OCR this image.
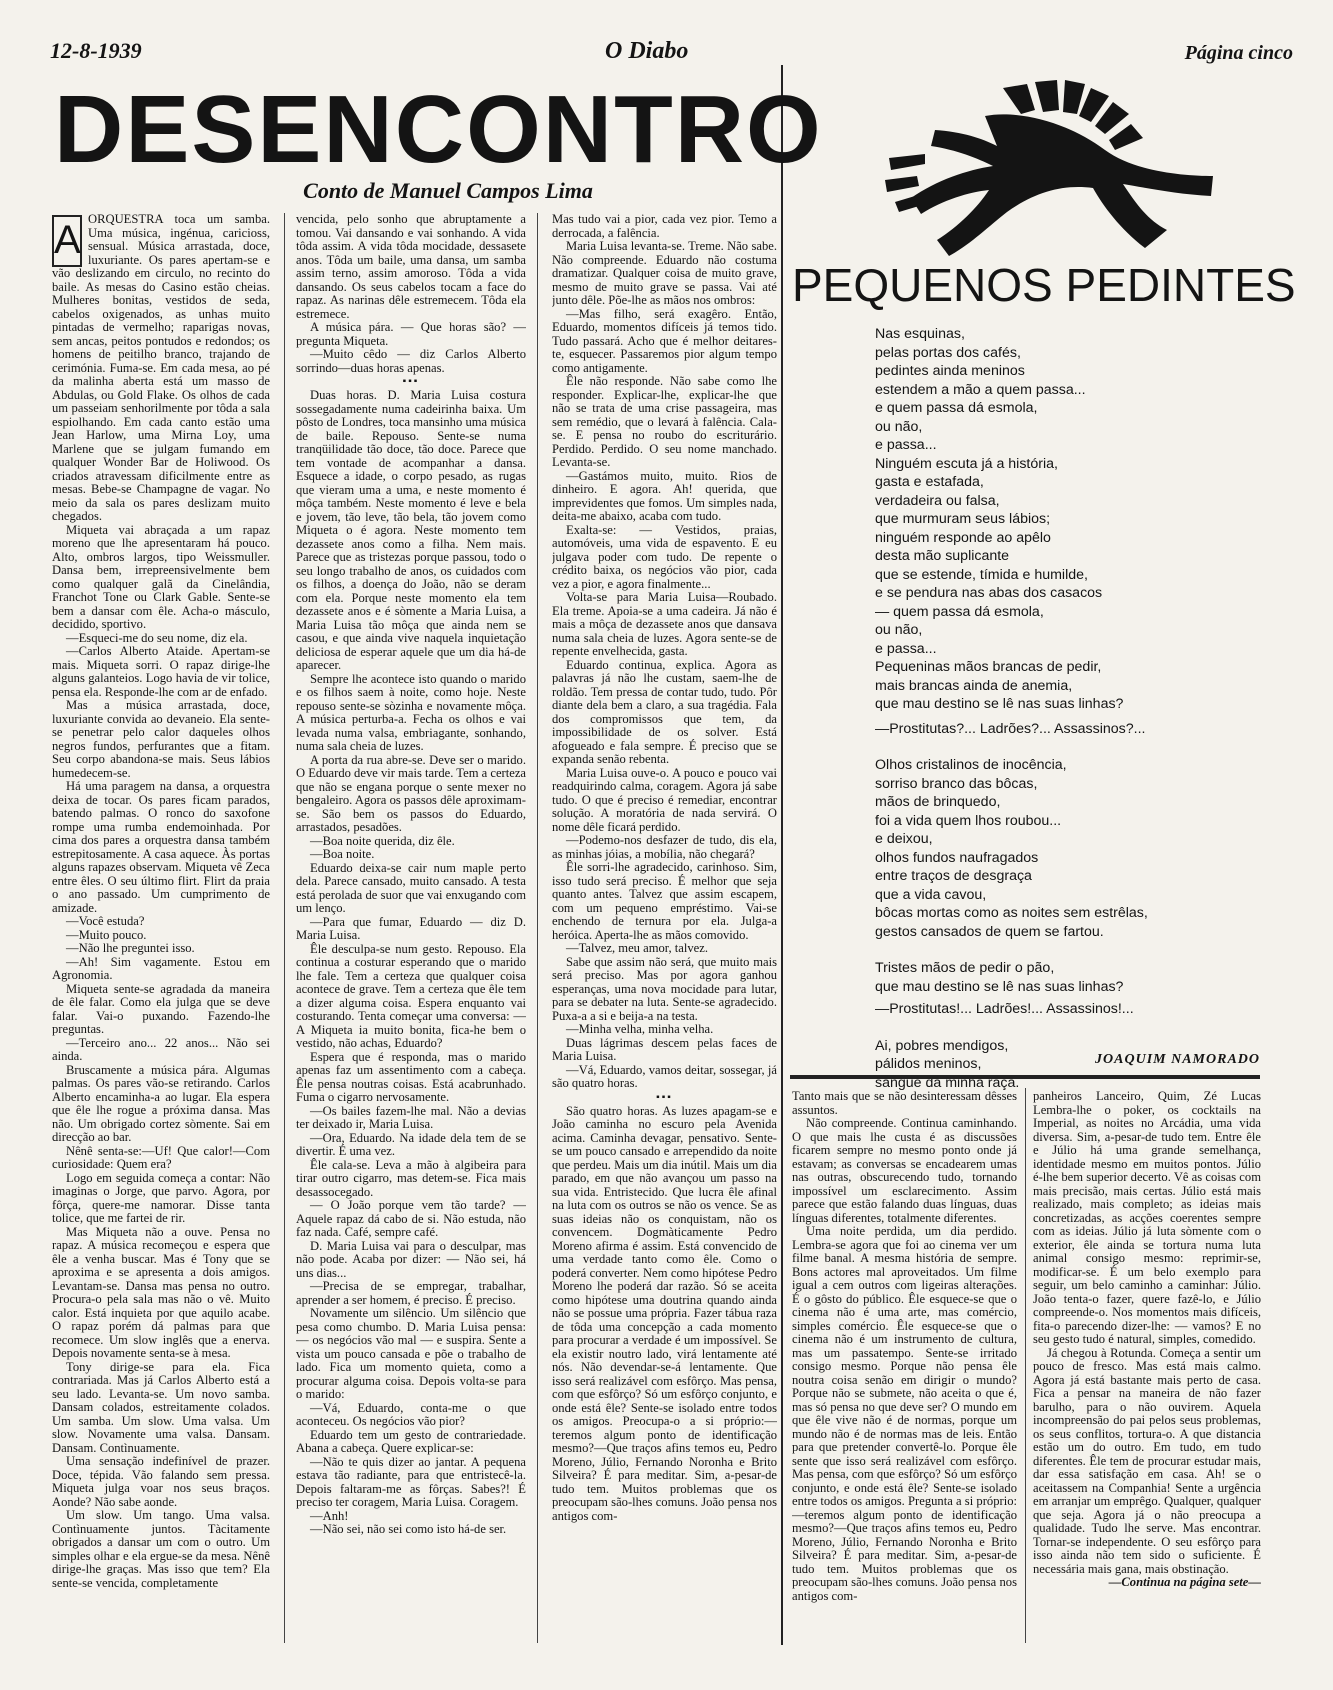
12-8-1939	O Diabo	Página cinco
DESENCONTRO
Conto de Manuel Campos Lima
A ORQUESTRA toca um samba. Uma música, ingénua, caricioss, sensual. Música arrastada, doce, luxuriante. Os pares apertam-se e vão deslizando em circulo, no recinto do baile. As mesas do Casino estão cheias. Mulheres bonitas, vestidos de seda, cabelos oxigenados, as unhas muito pintadas de vermelho; raparigas novas, sem ancas, peitos pontudos e redondos; os homens de peitilho branco, trajando de cerimónia. Fuma-se. Em cada mesa, ao pé da malinha aberta está um masso de Abdulas, ou Gold Flake. Os olhos de cada um passeiam senhorilmente por tôda a sala espiolhando. Em cada canto estão uma Jean Harlow, uma Mirna Loy, uma Marlene que se julgam fumando em qualquer Wonder Bar de Holiwood. Os criados atravessam dificilmente entre as mesas. Bebe-se Champagne de vagar. No meio da sala os pares deslizam muito chegados.

Miqueta vai abraçada a um rapaz moreno que lhe apresentaram há pouco. Alto, ombros largos, tipo Weissmuller. Dansa bem, irrepreensivelmente bem como qualquer galã da Cinelândia, Franchot Tone ou Clark Gable. Sente-se bem a dansar com êle. Acha-o másculo, decidido, sportivo.

—Esqueci-me do seu nome, diz ela.

—Carlos Alberto Ataide. Apertam-se mais. Miqueta sorri. O rapaz dirige-lhe alguns galanteios. Logo havia de vir tolice, pensa ela. Responde-lhe com ar de enfado.

Mas a música arrastada, doce, luxuriante convida ao devaneio. Ela sente-se penetrar pelo calor daqueles olhos negros fundos, perfurantes que a fitam. Seu corpo abandona-se mais. Seus lábios humedecem-se.

Há uma paragem na dansa, a orquestra deixa de tocar. Os pares ficam parados, batendo palmas. O ronco do saxofone rompe uma rumba endemoinhada. Por cima dos pares a orquestra dansa também estrepitosamente. A casa aquece. Às portas alguns rapazes observam. Miqueta vê Zeca entre êles. O seu último flirt. Flirt da praia o ano passado. Um cumprimento de amizade.

—Você estuda?

—Muito pouco.

—Não lhe preguntei isso.

—Ah! Sim vagamente. Estou em Agronomia.

Miqueta sente-se agradada da maneira de êle falar. Como ela julga que se deve falar. Vai-o puxando. Fazendo-lhe preguntas.

—Terceiro ano... 22 anos... Não sei ainda.

Bruscamente a música pára. Algumas palmas. Os pares vão-se retirando. Carlos Alberto encaminha-a ao lugar. Ela espera que êle lhe rogue a próxima dansa. Mas não. Um obrigado cortez sòmente. Sai em direcção ao bar.

Nênê senta-se:—Uf! Que calor!—Com curiosidade: Quem era?

Logo em seguida começa a contar: Não imaginas o Jorge, que parvo. Agora, por fôrça, quere-me namorar. Disse tanta tolice, que me fartei de rir.

Mas Miqueta não a ouve. Pensa no rapaz. A música recomeçou e espera que êle a venha buscar. Mas é Tony que se aproxima e se apresenta a dois amigos. Levantam-se. Dansa mas pensa no outro. Procura-o pela sala mas não o vê. Muito calor. Está inquieta por que aquilo acabe. O rapaz porém dá palmas para que recomece. Um slow inglês que a enerva. Depois novamente senta-se à mesa.

Tony dirige-se para ela. Fica contrariada. Mas já Carlos Alberto está a seu lado. Levanta-se. Um novo samba. Dansam colados, estreitamente colados. Um samba. Um slow. Uma valsa. Um slow. Novamente uma valsa. Dansam. Dansam. Contìnuamente.

Uma sensação indefinível de prazer. Doce, tépida. Vão falando sem pressa. Miqueta julga voar nos seus braços. Aonde? Não sabe aonde.

Um slow. Um tango. Uma valsa. Contìnuamente juntos. Tàcitamente obrigados a dansar um com o outro. Um simples olhar e ela ergue-se da mesa. Nênê dirige-lhe graças. Mas isso que tem? Ela sente-se vencida, completamente

vencida, pelo sonho que abruptamente a tomou. Vai dansando e vai sonhando. A vida tôda assim. A vida tôda mocidade, dessasete anos. Tôda um baile, uma dansa, um samba assim terno, assim amoroso. Tôda a vida dansando. Os seus cabelos tocam a face do rapaz. As narinas dêle estremecem. Tôda ela estremece.

A música pára. — Que horas são? — pregunta Miqueta.

—Muito cêdo — diz Carlos Alberto sorrindo—duas horas apenas.

▪▪▪

Duas horas. D. Maria Luisa costura sossegadamente numa cadeirinha baixa. Um pôsto de Londres, toca mansinho uma música de baile. Repouso. Sente-se numa tranqüilidade tão doce, tão doce. Parece que tem vontade de acompanhar a dansa. Esquece a idade, o corpo pesado, as rugas que vieram uma a uma, e neste momento é môça também. Neste momento é leve e bela e jovem, tão leve, tão bela, tão jovem como Miqueta o é agora. Neste momento tem dezassete anos como a filha. Nem mais. Parece que as tristezas porque passou, todo o seu longo trabalho de anos, os cuidados com os filhos, a doença do João, não se deram com ela. Porque neste momento ela tem dezassete anos e é sòmente a Maria Luisa, a Maria Luisa tão môça que ainda nem se casou, e que ainda vive naquela inquietação deliciosa de esperar aquele que um dia há-de aparecer.

Sempre lhe acontece isto quando o marido e os filhos saem à noite, como hoje. Neste repouso sente-se sòzinha e novamente môça. A música perturba-a. Fecha os olhos e vai levada numa valsa, embriagante, sonhando, numa sala cheia de luzes.

A porta da rua abre-se. Deve ser o marido. O Eduardo deve vir mais tarde. Tem a certeza que não se engana porque o sente mexer no bengaleiro. Agora os passos dêle aproximam-se. São bem os passos do Eduardo, arrastados, pesadões.

—Boa noite querida, diz êle.

—Boa noite.

Eduardo deixa-se cair num maple perto dela. Parece cansado, muito cansado. A testa está perolada de suor que vai enxugando com um lenço.

—Para que fumar, Eduardo — diz D. Maria Luisa.

Êle desculpa-se num gesto. Repouso. Ela continua a costurar esperando que o marido lhe fale. Tem a certeza que qualquer coisa acontece de grave. Tem a certeza que êle tem a dizer alguma coisa. Espera enquanto vai costurando. Tenta começar uma conversa: — A Miqueta ia muito bonita, fica-he bem o vestido, não achas, Eduardo?

Espera que é responda, mas o marido apenas faz um assentimento com a cabeça. Êle pensa noutras coisas. Está acabrunhado. Fuma o cigarro nervosamente.

—Os bailes fazem-lhe mal. Não a devias ter deixado ir, Maria Luisa.

—Ora, Eduardo. Na idade dela tem de se divertir. É uma vez.

Êle cala-se. Leva a mão à algibeira para tirar outro cigarro, mas detem-se. Fica mais desassocegado.

— O João porque vem tão tarde? — Aquele rapaz dá cabo de si. Não estuda, não faz nada. Café, sempre café.

D. Maria Luisa vai para o desculpar, mas não pode. Acaba por dizer: — Não sei, há uns dias...

—Precisa de se empregar, trabalhar, aprender a ser homem, é preciso. É preciso.

Novamente um silêncio. Um silêncio que pesa como chumbo. D. Maria Luisa pensa: — os negócios vão mal — e suspira. Sente a vista um pouco cansada e põe o trabalho de lado. Fica um momento quieta, como a procurar alguma coisa. Depois volta-se para o marido:

—Vá, Eduardo, conta-me o que aconteceu. Os negócios vão pior?

Eduardo tem um gesto de contrariedade. Abana a cabeça. Quere explicar-se:

—Não te quis dizer ao jantar. A pequena estava tão radiante, para que entristecê-la. Depois faltaram-me as fôrças. Sabes?! É preciso ter coragem, Maria Luisa. Coragem.

—Anh!

—Não sei, não sei como isto há-de ser.

Mas tudo vai a pior, cada vez pior. Temo a derrocada, a falência.

Maria Luisa levanta-se. Treme. Não sabe. Não compreende. Eduardo não costuma dramatizar. Qualquer coisa de muito grave, mesmo de muito grave se passa. Vai até junto dêle. Põe-lhe as mãos nos ombros:

—Mas filho, será exagêro. Então, Eduardo, momentos difíceis já temos tido. Tudo passará. Acho que é melhor deitares-te, esquecer. Passaremos pior algum tempo como antigamente.

Êle não responde. Não sabe como lhe responder. Explicar-lhe, explicar-lhe que não se trata de uma crise passageira, mas sem remédio, que o levará à falência. Cala-se. E pensa no roubo do escriturário. Perdido. Perdido. O seu nome manchado. Levanta-se.

—Gastámos muito, muito. Rios de dinheiro. E agora. Ah! querida, que imprevidentes que fomos. Um simples nada, deita-me abaixo, acaba com tudo.

Exalta-se: — Vestidos, praias, automóveis, uma vida de espavento. E eu julgava poder com tudo. De repente o crédito baixa, os negócios vão pior, cada vez a pior, e agora finalmente...

Volta-se para Maria Luisa—Roubado. Ela treme. Apoia-se a uma cadeira. Já não é mais a môça de dezassete anos que dansava numa sala cheia de luzes. Agora sente-se de repente envelhecida, gasta.

Eduardo continua, explica. Agora as palavras já não lhe custam, saem-lhe de roldão. Tem pressa de contar tudo, tudo. Pôr diante dela bem a claro, a sua tragédia. Fala dos compromissos que tem, da impossibilidade de os solver. Está afogueado e fala sempre. É preciso que se expanda senão rebenta.

Maria Luisa ouve-o. A pouco e pouco vai readquirindo calma, coragem. Agora já sabe tudo. O que é preciso é remediar, encontrar solução. A moratória de nada servirá. O nome dêle ficará perdido.

—Podemo-nos desfazer de tudo, dis ela, as minhas jóias, a mobília, não chegará?

Êle sorri-lhe agradecido, carinhoso. Sim, isso tudo será preciso. É melhor que seja quanto antes. Talvez que assim escapem, com um pequeno empréstimo. Vai-se enchendo de ternura por ela. Julga-a heróica. Aperta-lhe as mãos comovido.

—Talvez, meu amor, talvez.

Sabe que assim não será, que muito mais será preciso. Mas por agora ganhou esperanças, uma nova mocidade para lutar, para se debater na luta. Sente-se agradecido. Puxa-a a si e beija-a na testa.

—Minha velha, minha velha.

Duas lágrimas descem pelas faces de Maria Luisa.

—Vá, Eduardo, vamos deitar, sossegar, já são quatro horas.

▪▪▪

São quatro horas. As luzes apagam-se e João caminha no escuro pela Avenida acima. Caminha devagar, pensativo. Sente-se um pouco cansado e arrependido da noite que perdeu. Mais um dia inútil. Mais um dia parado, em que não avançou um passo na sua vida. Entristecido. Que lucra êle afinal na luta com os outros se não os vence. Se as suas ideias não os conquistam, não os convencem. Dogmàticamente Pedro Moreno afirma é assim. Está convencido de uma verdade tanto como êle. Como o poderá converter. Nem como hipótese Pedro Moreno lhe poderá dar razão. Só se aceita como hipótese uma doutrina quando ainda não se possue uma própria. Fazer tábua raza de tôda uma concepção a cada momento para procurar a verdade é um impossível. Se ela existir noutro lado, virá lentamente até nós. Não devendar-se-á lentamente. Que isso será realizável com esfôrço. Mas pensa, com que esfôrço? Só um esfôrço conjunto, e onde está êle? Sente-se isolado entre todos os amigos. Preocupa-o a si próprio:—teremos algum ponto de identificação mesmo?—Que traços afins temos eu, Pedro Moreno, Júlio, Fernando Noronha e Brito Silveira? É para meditar. Sim, a-pesar-de tudo tem. Muitos problemas que os preocupam são-lhes comuns. João pensa nos antigos com-

PEQUENOS PEDINTES
Nas esquinas,
pelas portas dos cafés,
pedintes ainda meninos
estendem a mão a quem passa...
e quem passa dá esmola,
ou não,
e passa...
Ninguém escuta já a história,
gasta e estafada,
verdadeira ou falsa,
que murmuram seus lábios;
ninguém responde ao apêlo
desta mão suplicante
que se estende, tímida e humilde,
e se pendura nas abas dos casacos
— quem passa dá esmola,
ou não,
e passa...
Pequeninas mãos brancas de pedir,
mais brancas ainda de anemia,
que mau destino se lê nas suas linhas?
—Prostitutas?... Ladrões?... Assassinos?...
Olhos cristalinos de inocência,
sorriso branco das bôcas,
mãos de brinquedo,
foi a vida quem lhos roubou...
e deixou,
olhos fundos naufragados
entre traços de desgraça
que a vida cavou,
bôcas mortas como as noites sem estrêlas,
gestos cansados de quem se fartou.
Tristes mãos de pedir o pão,
que mau destino se lê nas suas linhas?
—Prostitutas!... Ladrões!... Assassinos!...
Ai, pobres mendigos,
pálidos meninos,
sangue da minha raça.
JOAQUIM NAMORADO

Tanto mais que se não desinteressam dêsses assuntos.

Não compreende. Continua caminhando. O que mais lhe custa é as discussões ficarem sempre no mesmo ponto onde já estavam; as conversas se encadearem umas nas outras, obscurecendo tudo, tornando impossível um esclarecimento. Assim parece que estão falando duas línguas, duas línguas diferentes, totalmente diferentes.

Uma noite perdida, um dia perdido. Lembra-se agora que foi ao cinema ver um filme banal. A mesma história de sempre. Bons actores mal aproveitados. Um filme igual a cem outros com ligeiras alterações. É o gôsto do público. Êle esquece-se que o cinema não é uma arte, mas comércio, simples comércio. Êle esquece-se que o cinema não é um instrumento de cultura, mas um passatempo. Sente-se irritado consigo mesmo. Porque não pensa êle noutra coisa senão em dirigir o mundo? Porque não se submete, não aceita o que é, mas só pensa no que deve ser? O mundo em que êle vive não é de normas, porque um mundo não é de normas mas de leis. Então para que pretender convertê-lo. Porque êle sente que isso será realizável com esfôrço. Mas pensa, com que esfôrço? Só um esfôrço conjunto, e onde está êle? Sente-se isolado entre todos os amigos. Pregunta a si próprio:—teremos algum ponto de identificação mesmo?—Que traços afins temos eu, Pedro Moreno, Júlio, Fernando Noronha e Brito Silveira? É para meditar. Sim, a-pesar-de tudo tem. Muitos problemas que os preocupam são-lhes comuns. João pensa nos antigos com-

panheiros Lanceiro, Quim, Zé Lucas Lembra-lhe o poker, os cocktails na Imperial, as noites no Arcádia, uma vida diversa. Sim, a-pesar-de tudo tem. Entre êle e Júlio há uma grande semelhança, identidade mesmo em muitos pontos. Júlio é-lhe bem superior decerto. Vê as coisas com mais precisão, mais certas. Júlio está mais realizado, mais completo; as ideias mais concretizadas, as acções coerentes sempre com as ideias. Júlio já luta sòmente com o exterior, êle ainda se tortura numa luta animal consigo mesmo: reprimir-se, modificar-se. É um belo exemplo para seguir, um belo caminho a caminhar: Júlio. João tenta-o fazer, quere fazê-lo, e Júlio compreende-o. Nos momentos mais difíceis, fita-o parecendo dizer-lhe: — vamos? E no seu gesto tudo é natural, simples, comedido.

Já chegou à Rotunda. Começa a sentir um pouco de fresco. Mas está mais calmo. Agora já está bastante mais perto de casa. Fica a pensar na maneira de não fazer barulho, para o não ouvirem. Aquela incompreensão do pai pelos seus problemas, os seus conflitos, tortura-o. A que distancia estão um do outro. Em tudo, em tudo diferentes. Êle tem de procurar estudar mais, dar essa satisfação em casa. Ah! se o aceitassem na Companhia! Sente a urgência em arranjar um emprêgo. Qualquer, qualquer que seja. Agora já o não preocupa a qualidade. Tudo lhe serve. Mas encontrar. Tornar-se independente. O seu esfôrço para isso ainda não tem sido o suficiente. É necessária mais gana, mais obstinação.

—Continua na página sete—
